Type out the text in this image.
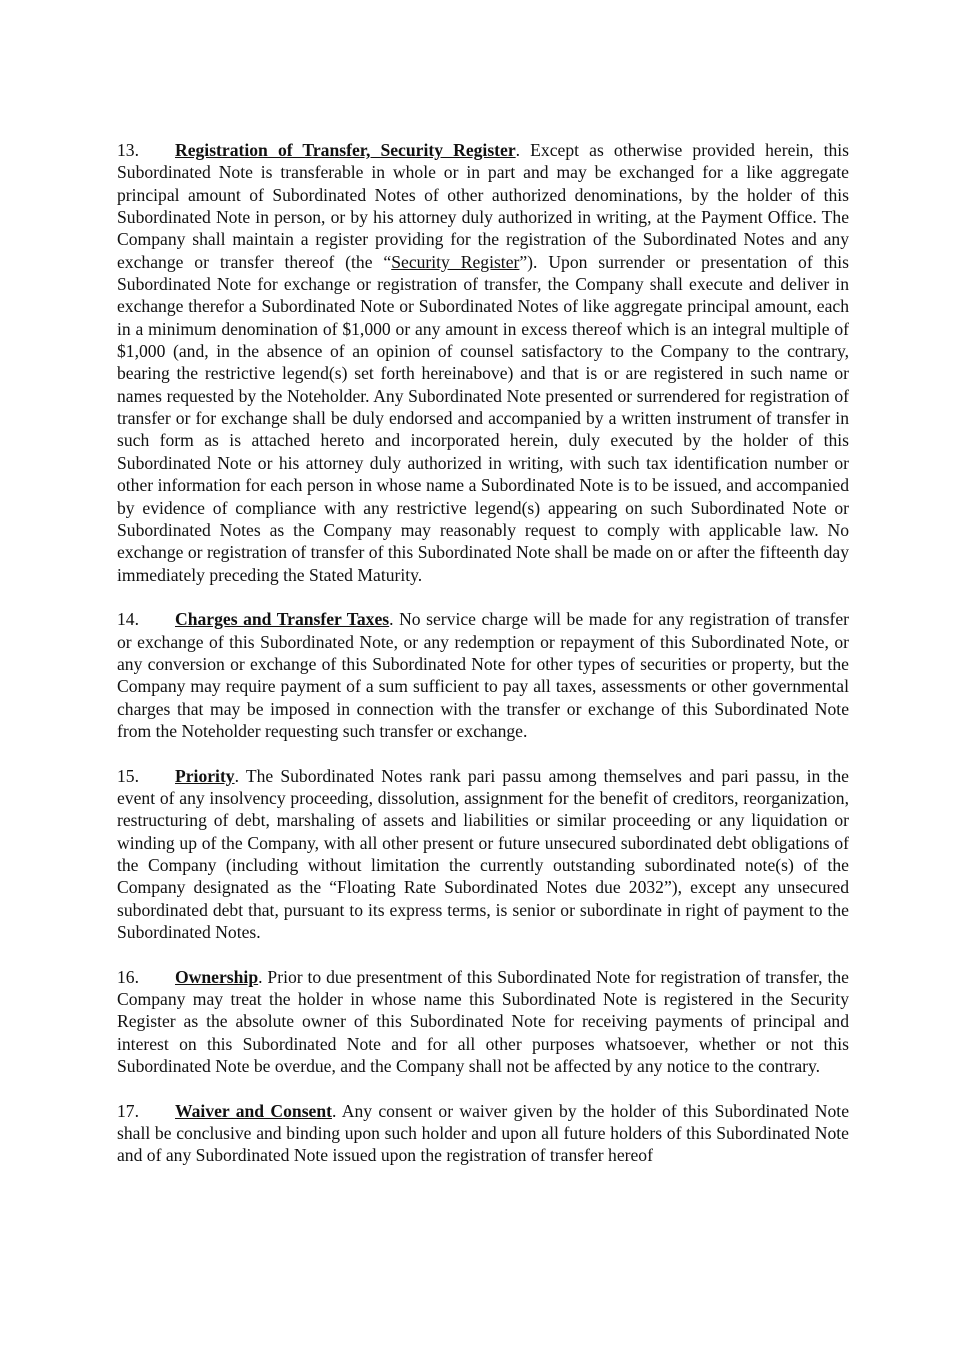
13. Registration of Transfer, Security Register. Except as otherwise provided herein, this Subordinated Note is transferable in whole or in part and may be exchanged for a like aggregate principal amount of Subordinated Notes of other authorized denominations, by the holder of this Subordinated Note in person, or by his attorney duly authorized in writing, at the Payment Office. The Company shall maintain a register providing for the registration of the Subordinated Notes and any exchange or transfer thereof (the “Security Register”). Upon surrender or presentation of this Subordinated Note for exchange or registration of transfer, the Company shall execute and deliver in exchange therefor a Subordinated Note or Subordinated Notes of like aggregate principal amount, each in a minimum denomination of $1,000 or any amount in excess thereof which is an integral multiple of $1,000 (and, in the absence of an opinion of counsel satisfactory to the Company to the contrary, bearing the restrictive legend(s) set forth hereinabove) and that is or are registered in such name or names requested by the Noteholder. Any Subordinated Note presented or surrendered for registration of transfer or for exchange shall be duly endorsed and accompanied by a written instrument of transfer in such form as is attached hereto and incorporated herein, duly executed by the holder of this Subordinated Note or his attorney duly authorized in writing, with such tax identification number or other information for each person in whose name a Subordinated Note is to be issued, and accompanied by evidence of compliance with any restrictive legend(s) appearing on such Subordinated Note or Subordinated Notes as the Company may reasonably request to comply with applicable law. No exchange or registration of transfer of this Subordinated Note shall be made on or after the fifteenth day immediately preceding the Stated Maturity.

14. Charges and Transfer Taxes. No service charge will be made for any registration of transfer or exchange of this Subordinated Note, or any redemption or repayment of this Subordinated Note, or any conversion or exchange of this Subordinated Note for other types of securities or property, but the Company may require payment of a sum sufficient to pay all taxes, assessments or other governmental charges that may be imposed in connection with the transfer or exchange of this Subordinated Note from the Noteholder requesting such transfer or exchange.

15. Priority. The Subordinated Notes rank pari passu among themselves and pari passu, in the event of any insolvency proceeding, dissolution, assignment for the benefit of creditors, reorganization, restructuring of debt, marshaling of assets and liabilities or similar proceeding or any liquidation or winding up of the Company, with all other present or future unsecured subordinated debt obligations of the Company (including without limitation the currently outstanding subordinated note(s) of the Company designated as the “Floating Rate Subordinated Notes due 2032”), except any unsecured subordinated debt that, pursuant to its express terms, is senior or subordinate in right of payment to the Subordinated Notes.

16. Ownership. Prior to due presentment of this Subordinated Note for registration of transfer, the Company may treat the holder in whose name this Subordinated Note is registered in the Security Register as the absolute owner of this Subordinated Note for receiving payments of principal and interest on this Subordinated Note and for all other purposes whatsoever, whether or not this Subordinated Note be overdue, and the Company shall not be affected by any notice to the contrary.

17. Waiver and Consent. Any consent or waiver given by the holder of this Subordinated Note shall be conclusive and binding upon such holder and upon all future holders of this Subordinated Note and of any Subordinated Note issued upon the registration of transfer hereof
